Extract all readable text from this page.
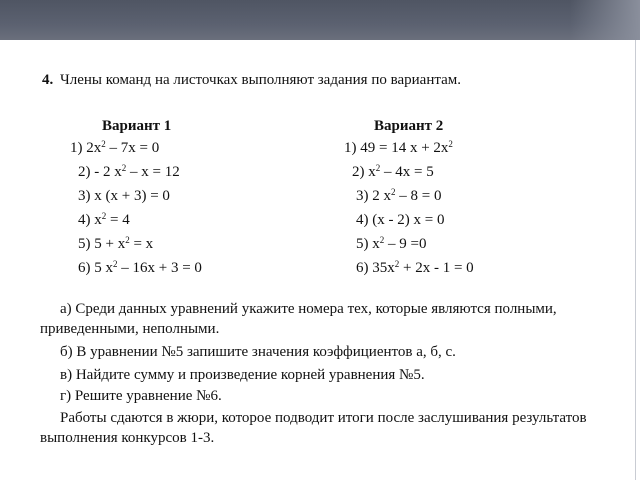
4. Члены команд на листочках выполняют задания по вариантам.
Вариант 1	Вариант 2
1) $2x^2 - 7x = 0$
2) - 2 $x^2 - x = 12$
3) x (x + 3) = 0
4) $x^2 = 4$
5) $5 + x^2 = x$
6) 5 $x^2 - 16x + 3 = 0$
1) 49 = 14 $x + 2x^2$
2) $x^2 - 4x = 5$
3) 2 $x^2 - 8 = 0$
4) (x - 2) x = 0
5) $x^2 - 9 =0$
6) $35x^2 + 2x - 1 = 0$
а) Среди данных уравнений укажите номера тех, которые являются полными, приведенными, неполными.
б) В уравнении №5 запишите значения коэффициентов а, б, с.
в) Найдите сумму и произведение корней уравнения №5.
г) Решите уравнение №6.
Работы сдаются в жюри, которое подводит итоги после заслушивания результатов выполнения конкурсов 1-3.
